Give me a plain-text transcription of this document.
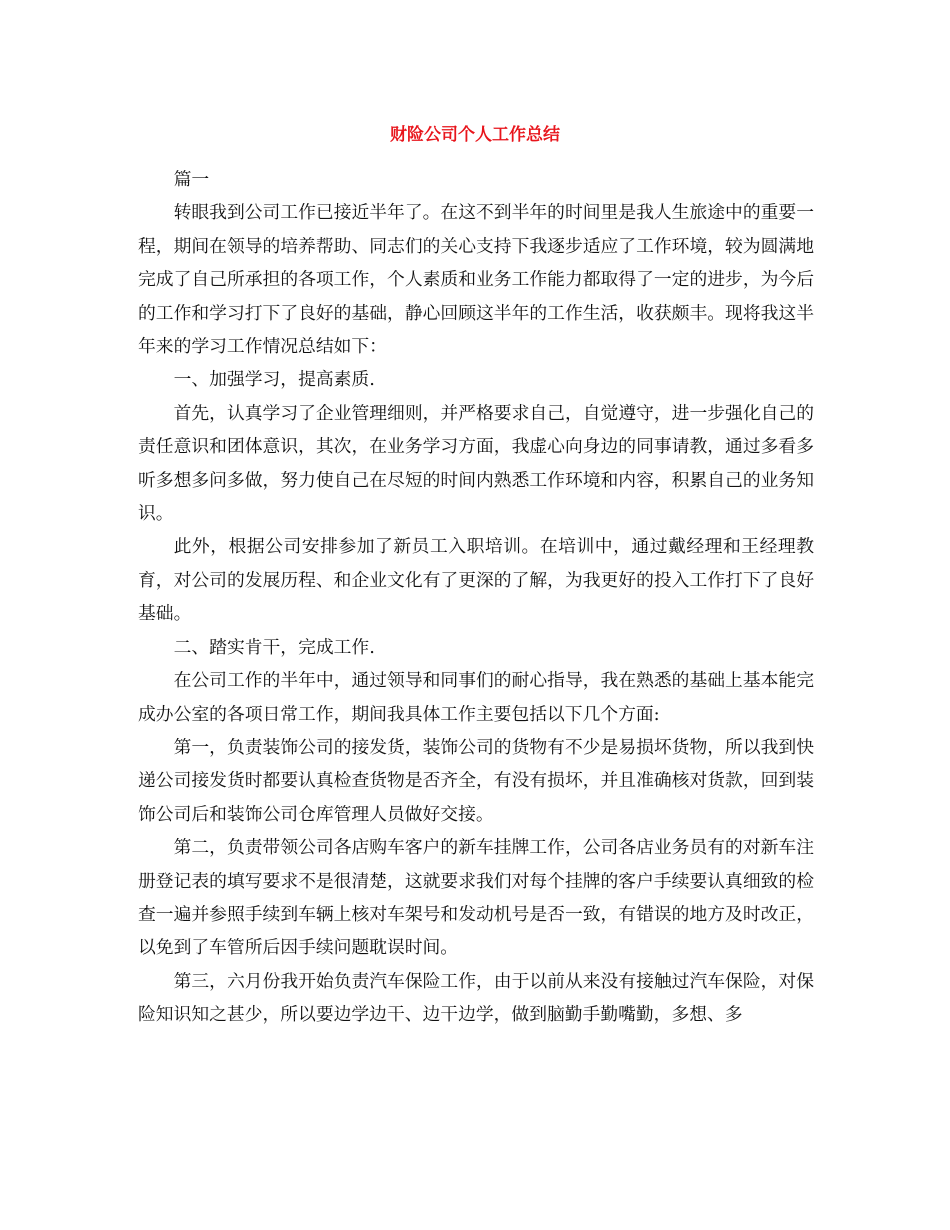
财险公司个人工作总结

篇一

转眼我到公司工作已接近半年了。在这不到半年的时间里是我人生旅途中的重要一程，期间在领导的培养帮助、同志们的关心支持下我逐步适应了工作环境，较为圆满地完成了自己所承担的各项工作，个人素质和业务工作能力都取得了一定的进步，为今后的工作和学习打下了良好的基础，静心回顾这半年的工作生活，收获颇丰。现将我这半年来的学习工作情况总结如下：

一、加强学习，提高素质.

首先，认真学习了企业管理细则，并严格要求自己，自觉遵守，进一步强化自己的责任意识和团体意识，其次，在业务学习方面，我虚心向身边的同事请教，通过多看多听多想多问多做，努力使自己在尽短的时间内熟悉工作环境和内容，积累自己的业务知识。

此外，根据公司安排参加了新员工入职培训。在培训中，通过戴经理和王经理教育，对公司的发展历程、和企业文化有了更深的了解，为我更好的投入工作打下了良好基础。

二、踏实肯干，完成工作.

在公司工作的半年中，通过领导和同事们的耐心指导，我在熟悉的基础上基本能完成办公室的各项日常工作，期间我具体工作主要包括以下几个方面:

第一，负责装饰公司的接发货，装饰公司的货物有不少是易损坏货物，所以我到快递公司接发货时都要认真检查货物是否齐全，有没有损坏，并且准确核对货款，回到装饰公司后和装饰公司仓库管理人员做好交接。

第二，负责带领公司各店购车客户的新车挂牌工作，公司各店业务员有的对新车注册登记表的填写要求不是很清楚，这就要求我们对每个挂牌的客户手续要认真细致的检查一遍并参照手续到车辆上核对车架号和发动机号是否一致，有错误的地方及时改正，以免到了车管所后因手续问题耽误时间。

第三，六月份我开始负责汽车保险工作，由于以前从来没有接触过汽车保险，对保险知识知之甚少，所以要边学边干、边干边学，做到脑勤手勤嘴勤，多想、多
